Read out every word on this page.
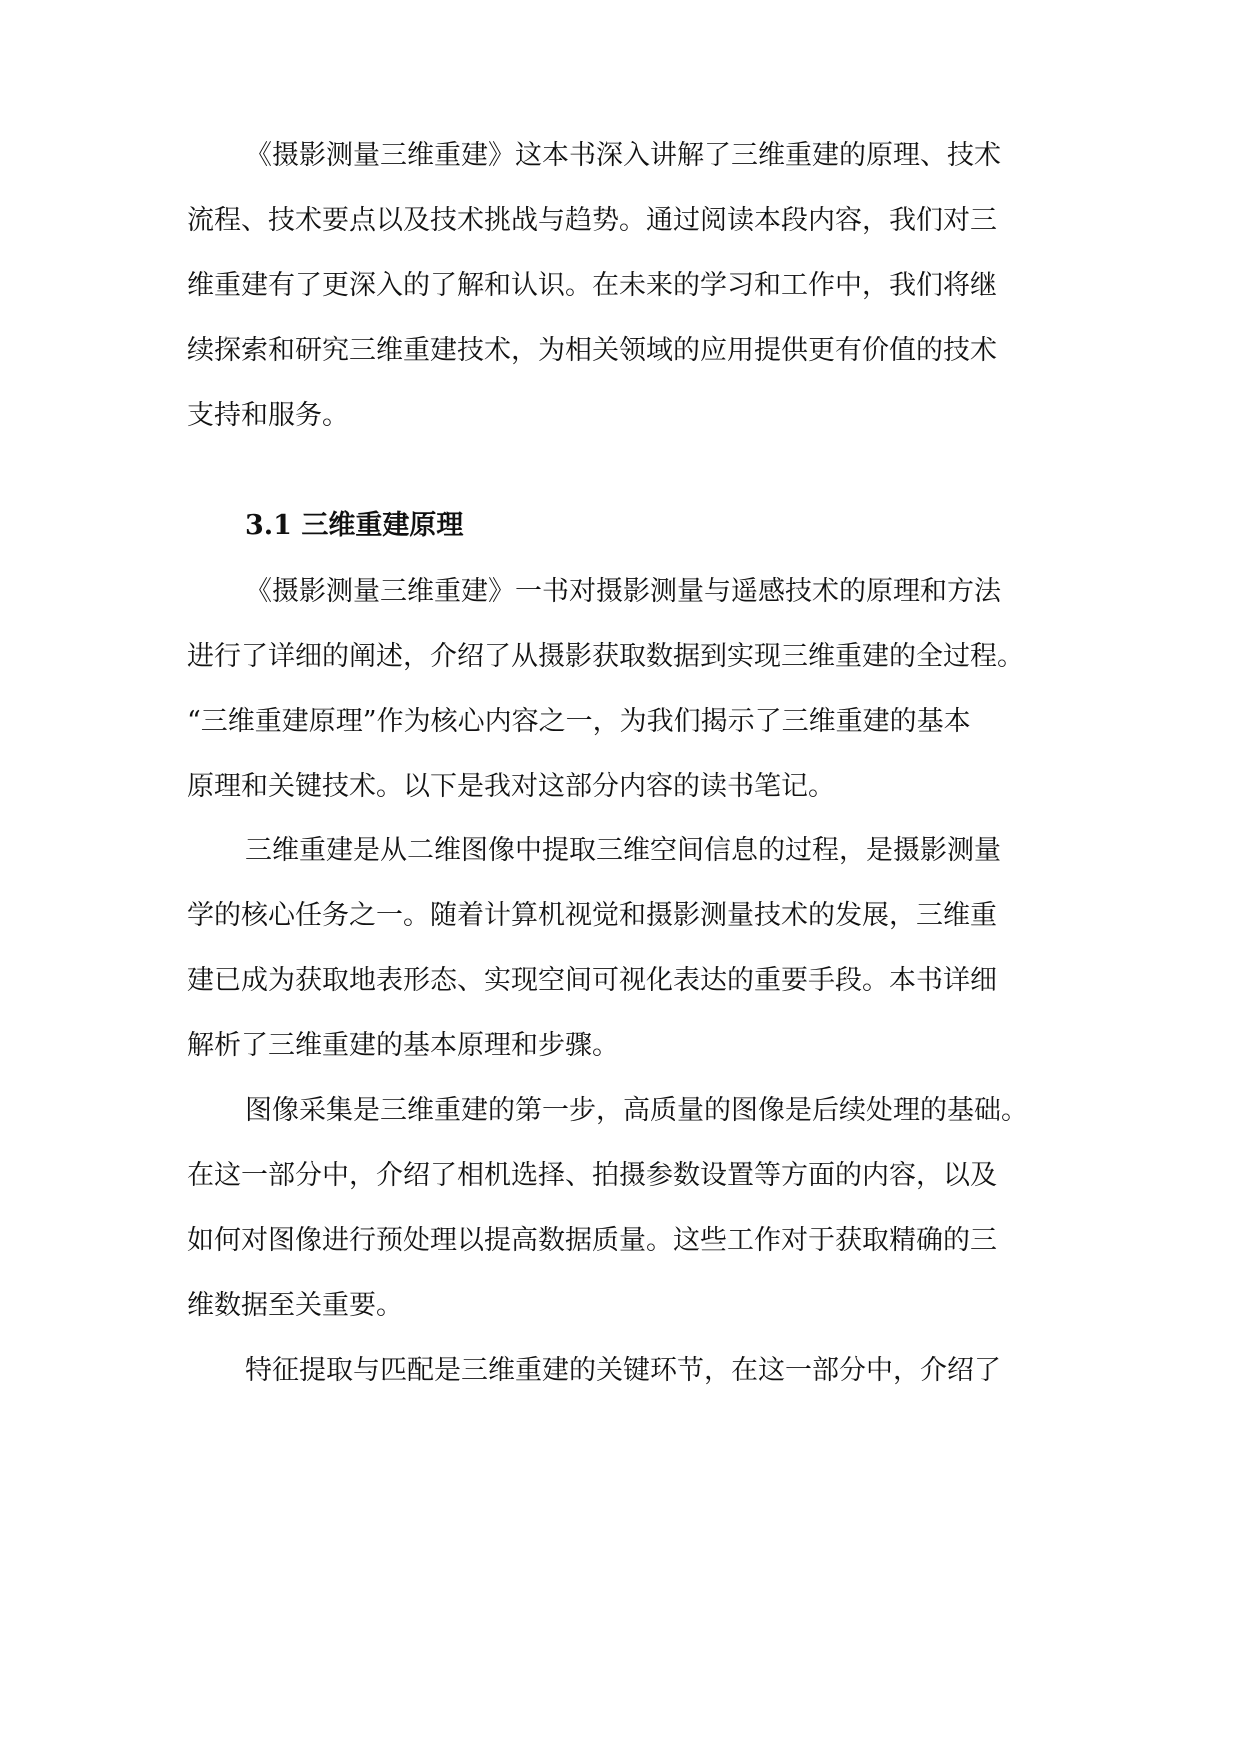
《摄影测量三维重建》这本书深入讲解了三维重建的原理、技术
流程、技术要点以及技术挑战与趋势。通过阅读本段内容，我们对三
维重建有了更深入的了解和认识。在未来的学习和工作中，我们将继
续探索和研究三维重建技术，为相关领域的应用提供更有价值的技术
支持和服务。
3.1 三维重建原理
《摄影测量三维重建》一书对摄影测量与遥感技术的原理和方法
进行了详细的阐述，介绍了从摄影获取数据到实现三维重建的全过程。
“三维重建原理”作为核心内容之一，为我们揭示了三维重建的基本
原理和关键技术。以下是我对这部分内容的读书笔记。
三维重建是从二维图像中提取三维空间信息的过程，是摄影测量
学的核心任务之一。随着计算机视觉和摄影测量技术的发展，三维重
建已成为获取地表形态、实现空间可视化表达的重要手段。本书详细
解析了三维重建的基本原理和步骤。
图像采集是三维重建的第一步，高质量的图像是后续处理的基础。
在这一部分中，介绍了相机选择、拍摄参数设置等方面的内容，以及
如何对图像进行预处理以提高数据质量。这些工作对于获取精确的三
维数据至关重要。
特征提取与匹配是三维重建的关键环节，在这一部分中，介绍了
